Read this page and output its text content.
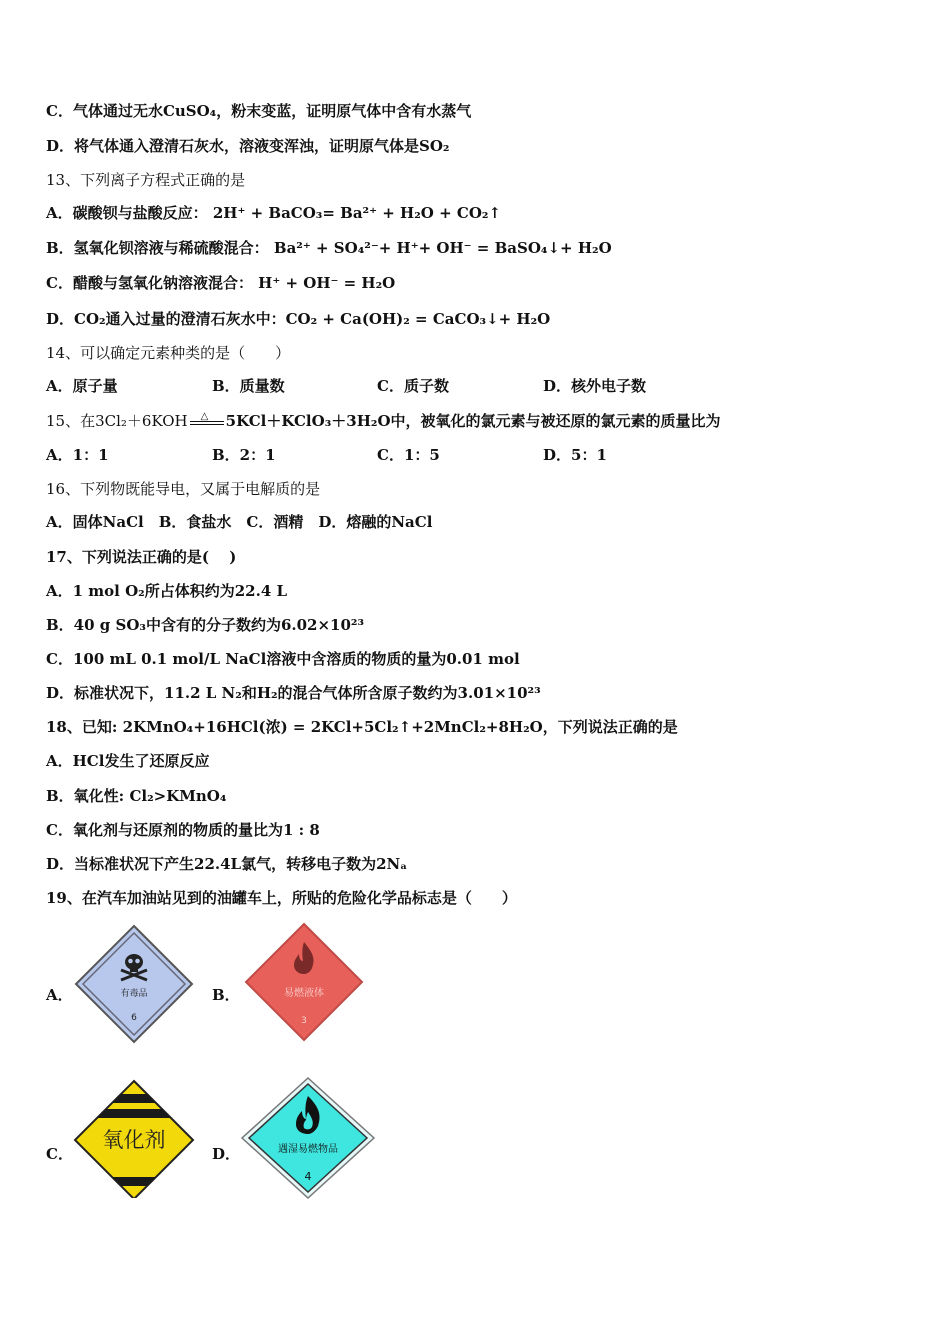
C．气体通过无水CuSO₄，粉末变蓝，证明原气体中含有水蒸气
D．将气体通入澄清石灰水，溶液变浑浊，证明原气体是SO₂
13、下列离子方程式正确的是
A．碳酸钡与盐酸反应： 2H⁺ + BaCO₃= Ba²⁺ + H₂O + CO₂↑
B．氢氧化钡溶液与稀硫酸混合： Ba²⁺ + SO₄²⁻+ H⁺+ OH⁻ = BaSO₄↓+ H₂O
C．醋酸与氢氧化钠溶液混合： H⁺ + OH⁻ = H₂O
D．CO₂通入过量的澄清石灰水中：CO₂ + Ca(OH)₂ = CaCO₃↓+ H₂O
14、可以确定元素种类的是（　　）
A．原子量	B．质量数	C．质子数	D．核外电子数
15、在3Cl₂＋6KOH △ 5KCl＋KClO₃＋3H₂O中，被氧化的氯元素与被还原的氯元素的质量比为
A．1：1	B．2：1	C．1：5	D．5：1
16、下列物既能导电，又属于电解质的是
A．固体NaCl　B．食盐水　C．酒精　D．熔融的NaCl
17、下列说法正确的是(　 )
A．1 mol O₂所占体积约为22.4 L
B．40 g SO₃中含有的分子数约为6.02×10²³
C．100 mL 0.1 mol/L NaCl溶液中含溶质的物质的量为0.01 mol
D．标准状况下，11.2 L N₂和H₂的混合气体所含原子数约为3.01×10²³
18、已知: 2KMnO₄+16HCl(浓) = 2KCl+5Cl₂↑+2MnCl₂+8H₂O，下列说法正确的是
A．HCl发生了还原反应
B．氧化性: Cl₂>KMnO₄
C．氧化剂与还原剂的物质的量比为1 : 8
D．当标准状况下产生22.4L氯气，转移电子数为2Nₐ
19、在汽车加油站见到的油罐车上，所贴的危险化学品标志是（　　）
A．	有毒品
6
B．	易燃液体
3
C．
氧化剂
D．	遇湿易燃物品
4
